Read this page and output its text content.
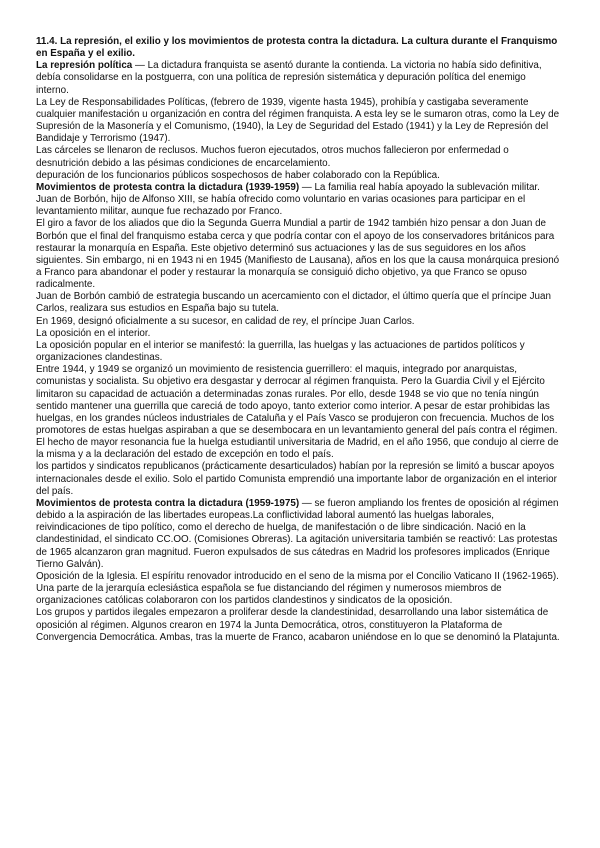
11.4. La represión, el exilio y los movimientos de protesta contra la dictadura. La cultura durante el Franquismo en España y el exilio.

La represión política — La dictadura franquista se asentó durante la contienda. La victoria no había sido definitiva, debía consolidarse en la postguerra, con una política de represión sistemática y depuración política del enemigo interno.

La Ley de Responsabilidades Políticas, (febrero de 1939, vigente hasta 1945), prohibía y castigaba severamente cualquier manifestación u organización en contra del régimen franquista. A esta ley se le sumaron otras, como la Ley de Supresión de la Masonería y el Comunismo, (1940), la Ley de Seguridad del Estado (1941) y la Ley de Represión del Bandidaje y Terrorismo (1947).

Las cárceles se llenaron de reclusos. Muchos fueron ejecutados, otros muchos fallecieron por enfermedad o desnutrición debido a las pésimas condiciones de encarcelamiento.

depuración de los funcionarios públicos sospechosos de haber colaborado con la República.

Movimientos de protesta contra la dictadura (1939-1959) — La familia real había apoyado la sublevación militar. Juan de Borbón, hijo de Alfonso XIII, se había ofrecido como voluntario en varias ocasiones para participar en el levantamiento militar, aunque fue rechazado por Franco.

El giro a favor de los aliados que dio la Segunda Guerra Mundial a partir de 1942 también hizo pensar a don Juan de Borbón que el final del franquismo estaba cerca y que podría contar con el apoyo de los conservadores británicos para restaurar la monarquía en España. Este objetivo determinó sus actuaciones y las de sus seguidores en los años siguientes. Sin embargo, ni en 1943 ni en 1945 (Manifiesto de Lausana), años en los que la causa monárquica presionó a Franco para abandonar el poder y restaurar la monarquía se consiguió dicho objetivo, ya que Franco se opuso radicalmente.

Juan de Borbón cambió de estrategia buscando un acercamiento con el dictador, el último quería que el príncipe Juan Carlos, realizara sus estudios en España bajo su tutela.

En 1969, designó oficialmente a su sucesor, en calidad de rey, el príncipe Juan Carlos.

La oposición en el interior.

La oposición popular en el interior se manifestó: la guerrilla, las huelgas y las actuaciones de partidos políticos y organizaciones clandestinas.

Entre 1944, y 1949 se organizó un movimiento de resistencia guerrillero: el maquis, integrado por anarquistas, comunistas y socialista. Su objetivo era desgastar y derrocar al régimen franquista. Pero la Guardia Civil y el Ejército limitaron su capacidad de actuación a determinadas zonas rurales. Por ello, desde 1948 se vio que no tenía ningún sentido mantener una guerrilla que careciá de todo apoyo, tanto exterior como interior. A pesar de estar prohibidas las huelgas, en los grandes núcleos industriales de Cataluña y el País Vasco se produjeron con frecuencia. Muchos de los promotores de estas huelgas aspiraban a que se desembocara en un levantamiento general del país contra el régimen.

El hecho de mayor resonancia fue la huelga estudiantil universitaria de Madrid, en el año 1956, que condujo al cierre de la misma y a la declaración del estado de excepción en todo el país.

los partidos y sindicatos republicanos (prácticamente desarticulados) habían por la represión se limitó a buscar apoyos internacionales desde el exilio. Solo el partido Comunista emprendió una importante labor de organización en el interior del país.

Movimientos de protesta contra la dictadura (1959-1975) — se fueron ampliando los frentes de oposición al régimen debido a la aspiración de las libertades europeas.La conflictividad laboral aumentó las huelgas laborales, reivindicaciones de tipo político, como el derecho de huelga, de manifestación o de libre sindicación. Nació en la clandestinidad, el sindicato CC.OO. (Comisiones Obreras). La agitación universitaria también se reactivó: Las protestas de 1965 alcanzaron gran magnitud. Fueron expulsados de sus cátedras en Madrid los profesores implicados (Enrique Tierno Galván).

Oposición de la Iglesia. El espíritu renovador introducido en el seno de la misma por el Concilio Vaticano II (1962-1965). Una parte de la jerarquía eclesiástica española se fue distanciando del régimen y numerosos miembros de organizaciones católicas colaboraron con los partidos clandestinos y sindicatos de la oposición.

Los grupos y partidos ilegales empezaron a proliferar desde la clandestinidad, desarrollando una labor sistemática de oposición al régimen. Algunos crearon en 1974 la Junta Democrática, otros, constituyeron la Plataforma de Convergencia Democrática. Ambas, tras la muerte de Franco, acabaron uniéndose en lo que se denominó la Platajunta.
